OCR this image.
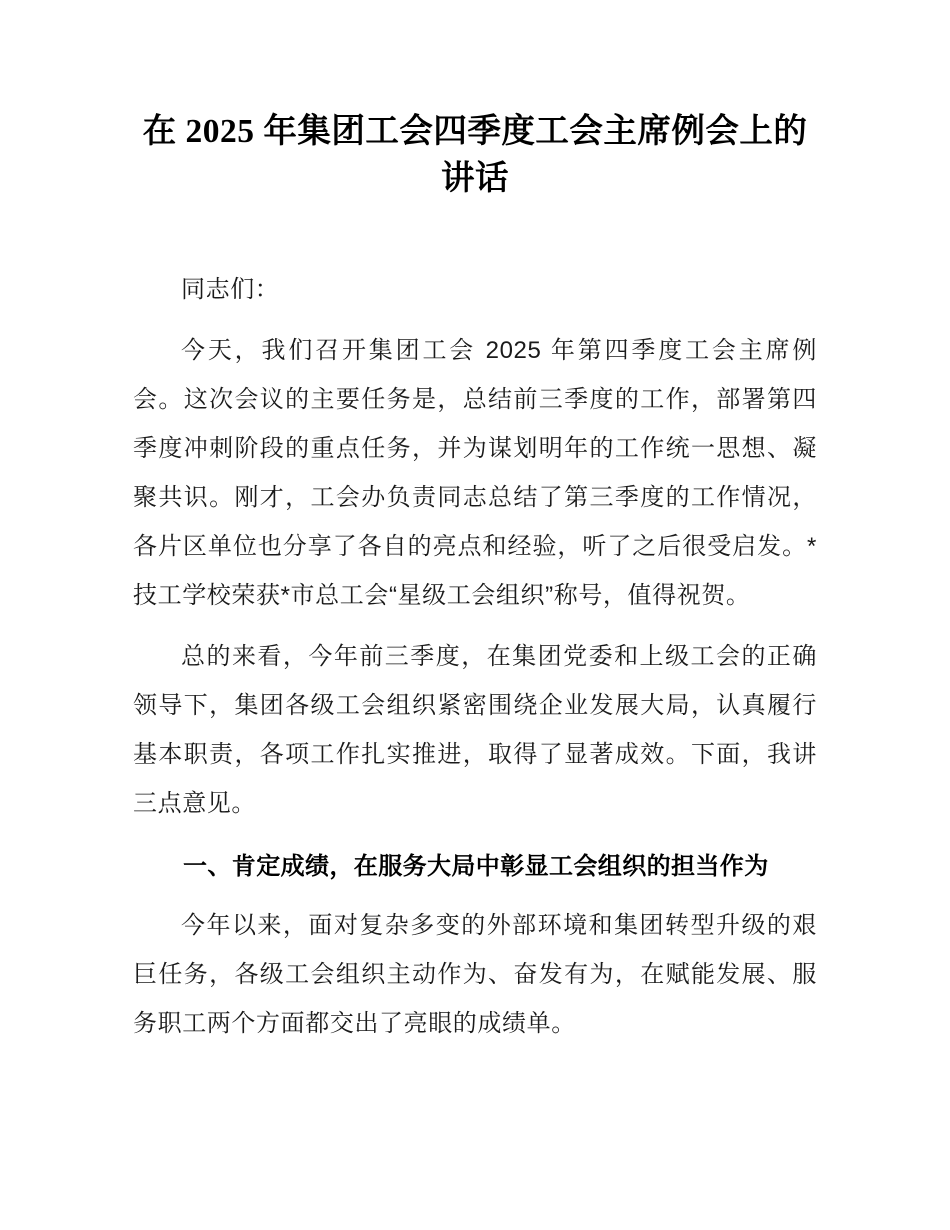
在 2025 年集团工会四季度工会主席例会上的讲话

同志们：

今天，我们召开集团工会 2025 年第四季度工会主席例会。这次会议的主要任务是，总结前三季度的工作，部署第四季度冲刺阶段的重点任务，并为谋划明年的工作统一思想、凝聚共识。刚才，工会办负责同志总结了第三季度的工作情况，各片区单位也分享了各自的亮点和经验，听了之后很受启发。*技工学校荣获*市总工会“星级工会组织”称号，值得祝贺。

总的来看，今年前三季度，在集团党委和上级工会的正确领导下，集团各级工会组织紧密围绕企业发展大局，认真履行基本职责，各项工作扎实推进，取得了显著成效。下面，我讲三点意见。

一、肯定成绩，在服务大局中彰显工会组织的担当作为

今年以来，面对复杂多变的外部环境和集团转型升级的艰巨任务，各级工会组织主动作为、奋发有为，在赋能发展、服务职工两个方面都交出了亮眼的成绩单。
